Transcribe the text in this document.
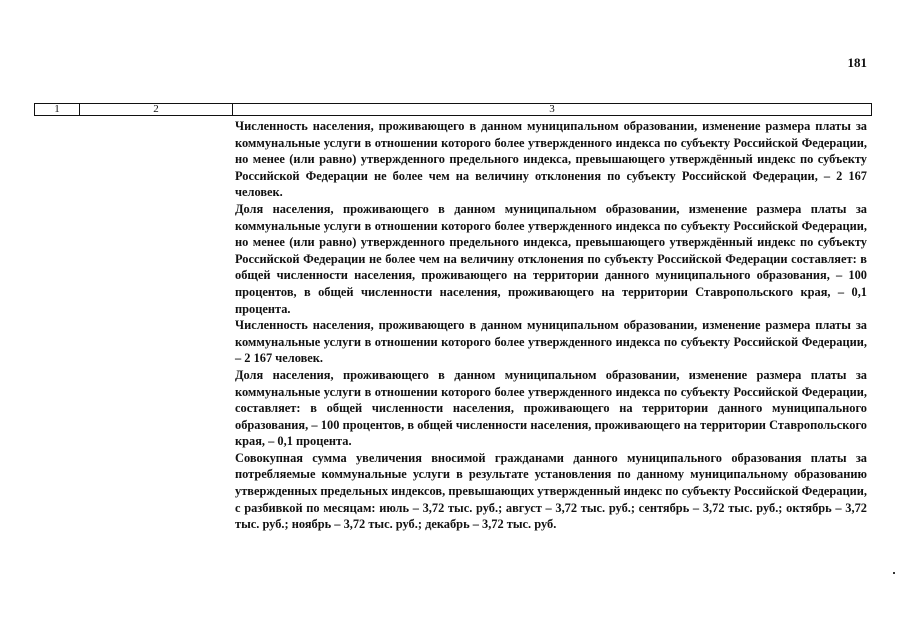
181
1	2	3

Численность населения, проживающего в данном муниципальном образовании, изменение размера платы за коммунальные услуги в отношении которого более утвержденного индекса по субъекту Российской Федерации, но менее (или равно) утвержденного предельного индекса, превышающего утверждённый индекс по субъекту Российской Федерации не более чем на величину отклонения по субъекту Российской Федерации, – 2 167 человек.

Доля населения, проживающего в данном муниципальном образовании, изменение размера платы за коммунальные услуги в отношении которого более утвержденного индекса по субъекту Российской Федерации, но менее (или равно) утвержденного предельного индекса, превышающего утверждённый индекс по субъекту Российской Федерации не более чем на величину отклонения по субъекту Российской Федерации составляет: в общей численности населения, проживающего на территории данного муниципального образования, – 100 процентов, в общей численности населения, проживающего на территории Ставропольского края, – 0,1 процента.

Численность населения, проживающего в данном муниципальном образовании, изменение размера платы за коммунальные услуги в отношении которого более утвержденного индекса по субъекту Российской Федерации, – 2 167 человек.

Доля населения, проживающего в данном муниципальном образовании, изменение размера платы за коммунальные услуги в отношении которого более утвержденного индекса по субъекту Российской Федерации, составляет: в общей численности населения, проживающего на территории данного муниципального образования, – 100 процентов, в общей численности населения, проживающего на территории Ставропольского края, – 0,1 процента.

Совокупная сумма увеличения вносимой гражданами данного муниципального образования платы за потребляемые коммунальные услуги в результате установления по данному муниципальному образованию утвержденных предельных индексов, превышающих утвержденный индекс по субъекту Российской Федерации, с разбивкой по месяцам: июль – 3,72 тыс. руб.; август – 3,72 тыс. руб.; сентябрь – 3,72 тыс. руб.; октябрь – 3,72 тыс. руб.; ноябрь – 3,72 тыс. руб.; декабрь – 3,72 тыс. руб.
